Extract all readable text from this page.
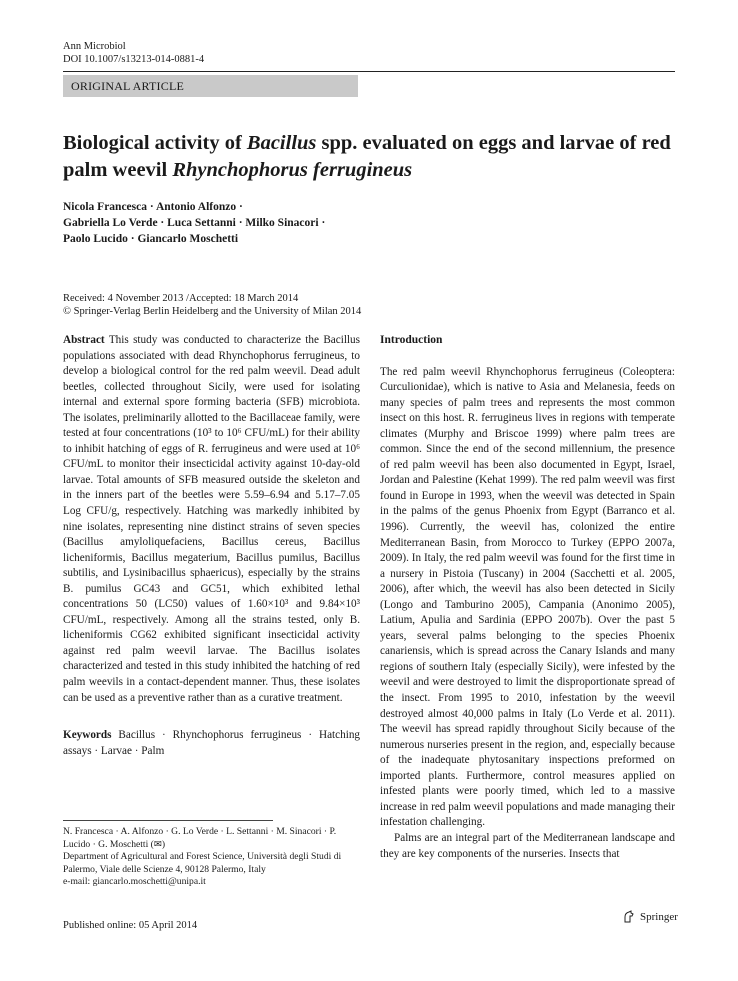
Ann Microbiol
DOI 10.1007/s13213-014-0881-4
ORIGINAL ARTICLE
Biological activity of Bacillus spp. evaluated on eggs and larvae of red palm weevil Rhynchophorus ferrugineus
Nicola Francesca · Antonio Alfonzo ·
Gabriella Lo Verde · Luca Settanni · Milko Sinacori ·
Paolo Lucido · Giancarlo Moschetti
Received: 4 November 2013 /Accepted: 18 March 2014
© Springer-Verlag Berlin Heidelberg and the University of Milan 2014

Abstract This study was conducted to characterize the Bacillus populations associated with dead Rhynchophorus ferrugineus, to develop a biological control for the red palm weevil. Dead adult beetles, collected throughout Sicily, were used for isolating internal and external spore forming bacteria (SFB) microbiota. The isolates, preliminarily allotted to the Bacillaceae family, were tested at four concentrations (10³ to 10⁶ CFU/mL) for their ability to inhibit hatching of eggs of R. ferrugineus and were used at 10⁶ CFU/mL to monitor their insecticidal activity against 10-day-old larvae. Total amounts of SFB measured outside the skeleton and in the inners part of the beetles were 5.59–6.94 and 5.17–7.05 Log CFU/g, respectively. Hatching was markedly inhibited by nine isolates, representing nine distinct strains of seven species (Bacillus amyloliquefaciens, Bacillus cereus, Bacillus licheniformis, Bacillus megaterium, Bacillus pumilus, Bacillus subtilis, and Lysinibacillus sphaericus), especially by the strains B. pumilus GC43 and GC51, which exhibited lethal concentrations 50 (LC50) values of 1.60×10³ and 9.84×10³ CFU/mL, respectively. Among all the strains tested, only B. licheniformis CG62 exhibited significant insecticidal activity against red palm weevil larvae. The Bacillus isolates characterized and tested in this study inhibited the hatching of red palm weevils in a contact-dependent manner. Thus, these isolates can be used as a preventive rather than as a curative treatment.

Keywords Bacillus · Rhynchophorus ferrugineus · Hatching assays · Larvae · Palm

N. Francesca · A. Alfonzo · G. Lo Verde · L. Settanni · M. Sinacori · P. Lucido · G. Moschetti (✉)
Department of Agricultural and Forest Science, Università degli Studi di Palermo, Viale delle Scienze 4, 90128 Palermo, Italy
e-mail: giancarlo.moschetti@unipa.it
Introduction

The red palm weevil Rhynchophorus ferrugineus (Coleoptera: Curculionidae), which is native to Asia and Melanesia, feeds on many species of palm trees and represents the most common insect on this host. R. ferrugineus lives in regions with temperate climates (Murphy and Briscoe 1999) where palm trees are common. Since the end of the second millennium, the presence of red palm weevil has been also documented in Egypt, Israel, Jordan and Palestine (Kehat 1999). The red palm weevil was first found in Europe in 1993, when the weevil was detected in Spain in the palms of the genus Phoenix from Egypt (Barranco et al. 1996). Currently, the weevil has, colonized the entire Mediterranean Basin, from Morocco to Turkey (EPPO 2007a, 2009). In Italy, the red palm weevil was found for the first time in a nursery in Pistoia (Tuscany) in 2004 (Sacchetti et al. 2005, 2006), after which, the weevil has also been detected in Sicily (Longo and Tamburino 2005), Campania (Anonimo 2005), Latium, Apulia and Sardinia (EPPO 2007b). Over the past 5 years, several palms belonging to the species Phoenix canariensis, which is spread across the Canary Islands and many regions of southern Italy (especially Sicily), were infested by the weevil and were destroyed to limit the disproportionate spread of the insect. From 1995 to 2010, infestation by the weevil destroyed almost 40,000 palms in Italy (Lo Verde et al. 2011). The weevil has spread rapidly throughout Sicily because of the numerous nurseries present in the region, and, especially because of the inadequate phytosanitary inspections preformed on imported plants. Furthermore, control measures applied on infested plants were poorly timed, which led to a massive increase in red palm weevil populations and made managing their infestation challenging.

Palms are an integral part of the Mediterranean landscape and they are key components of the nurseries. Insects that

Published online: 05 April 2014
Springer
